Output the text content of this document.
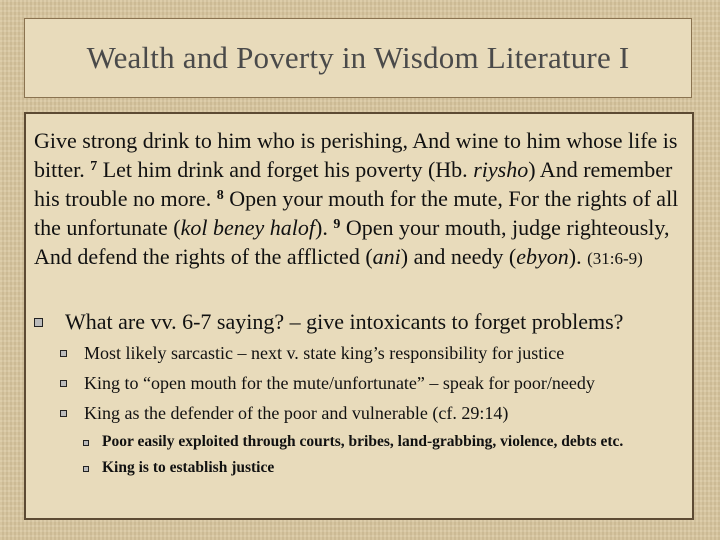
Wealth and Poverty in Wisdom Literature I
Give strong drink to him who is perishing, And wine to him whose life is bitter. $^7$ Let him drink and forget his poverty (Hb. riysho) And remember his trouble no more. $^8$ Open your mouth for the mute, For the rights of all the unfortunate (kol beney halof). $^9$ Open your mouth, judge righteously, And defend the rights of the afflicted (ani) and needy (ebyon). (31:6-9)
What are vv. 6-7 saying? – give intoxicants to forget problems?
Most likely sarcastic – next v. state king’s responsibility for justice
King to “open mouth for the mute/unfortunate” – speak for poor/needy
King as the defender of the poor and vulnerable (cf. 29:14)
Poor easily exploited through courts, bribes, land-grabbing, violence, debts etc.
King is to establish justice
